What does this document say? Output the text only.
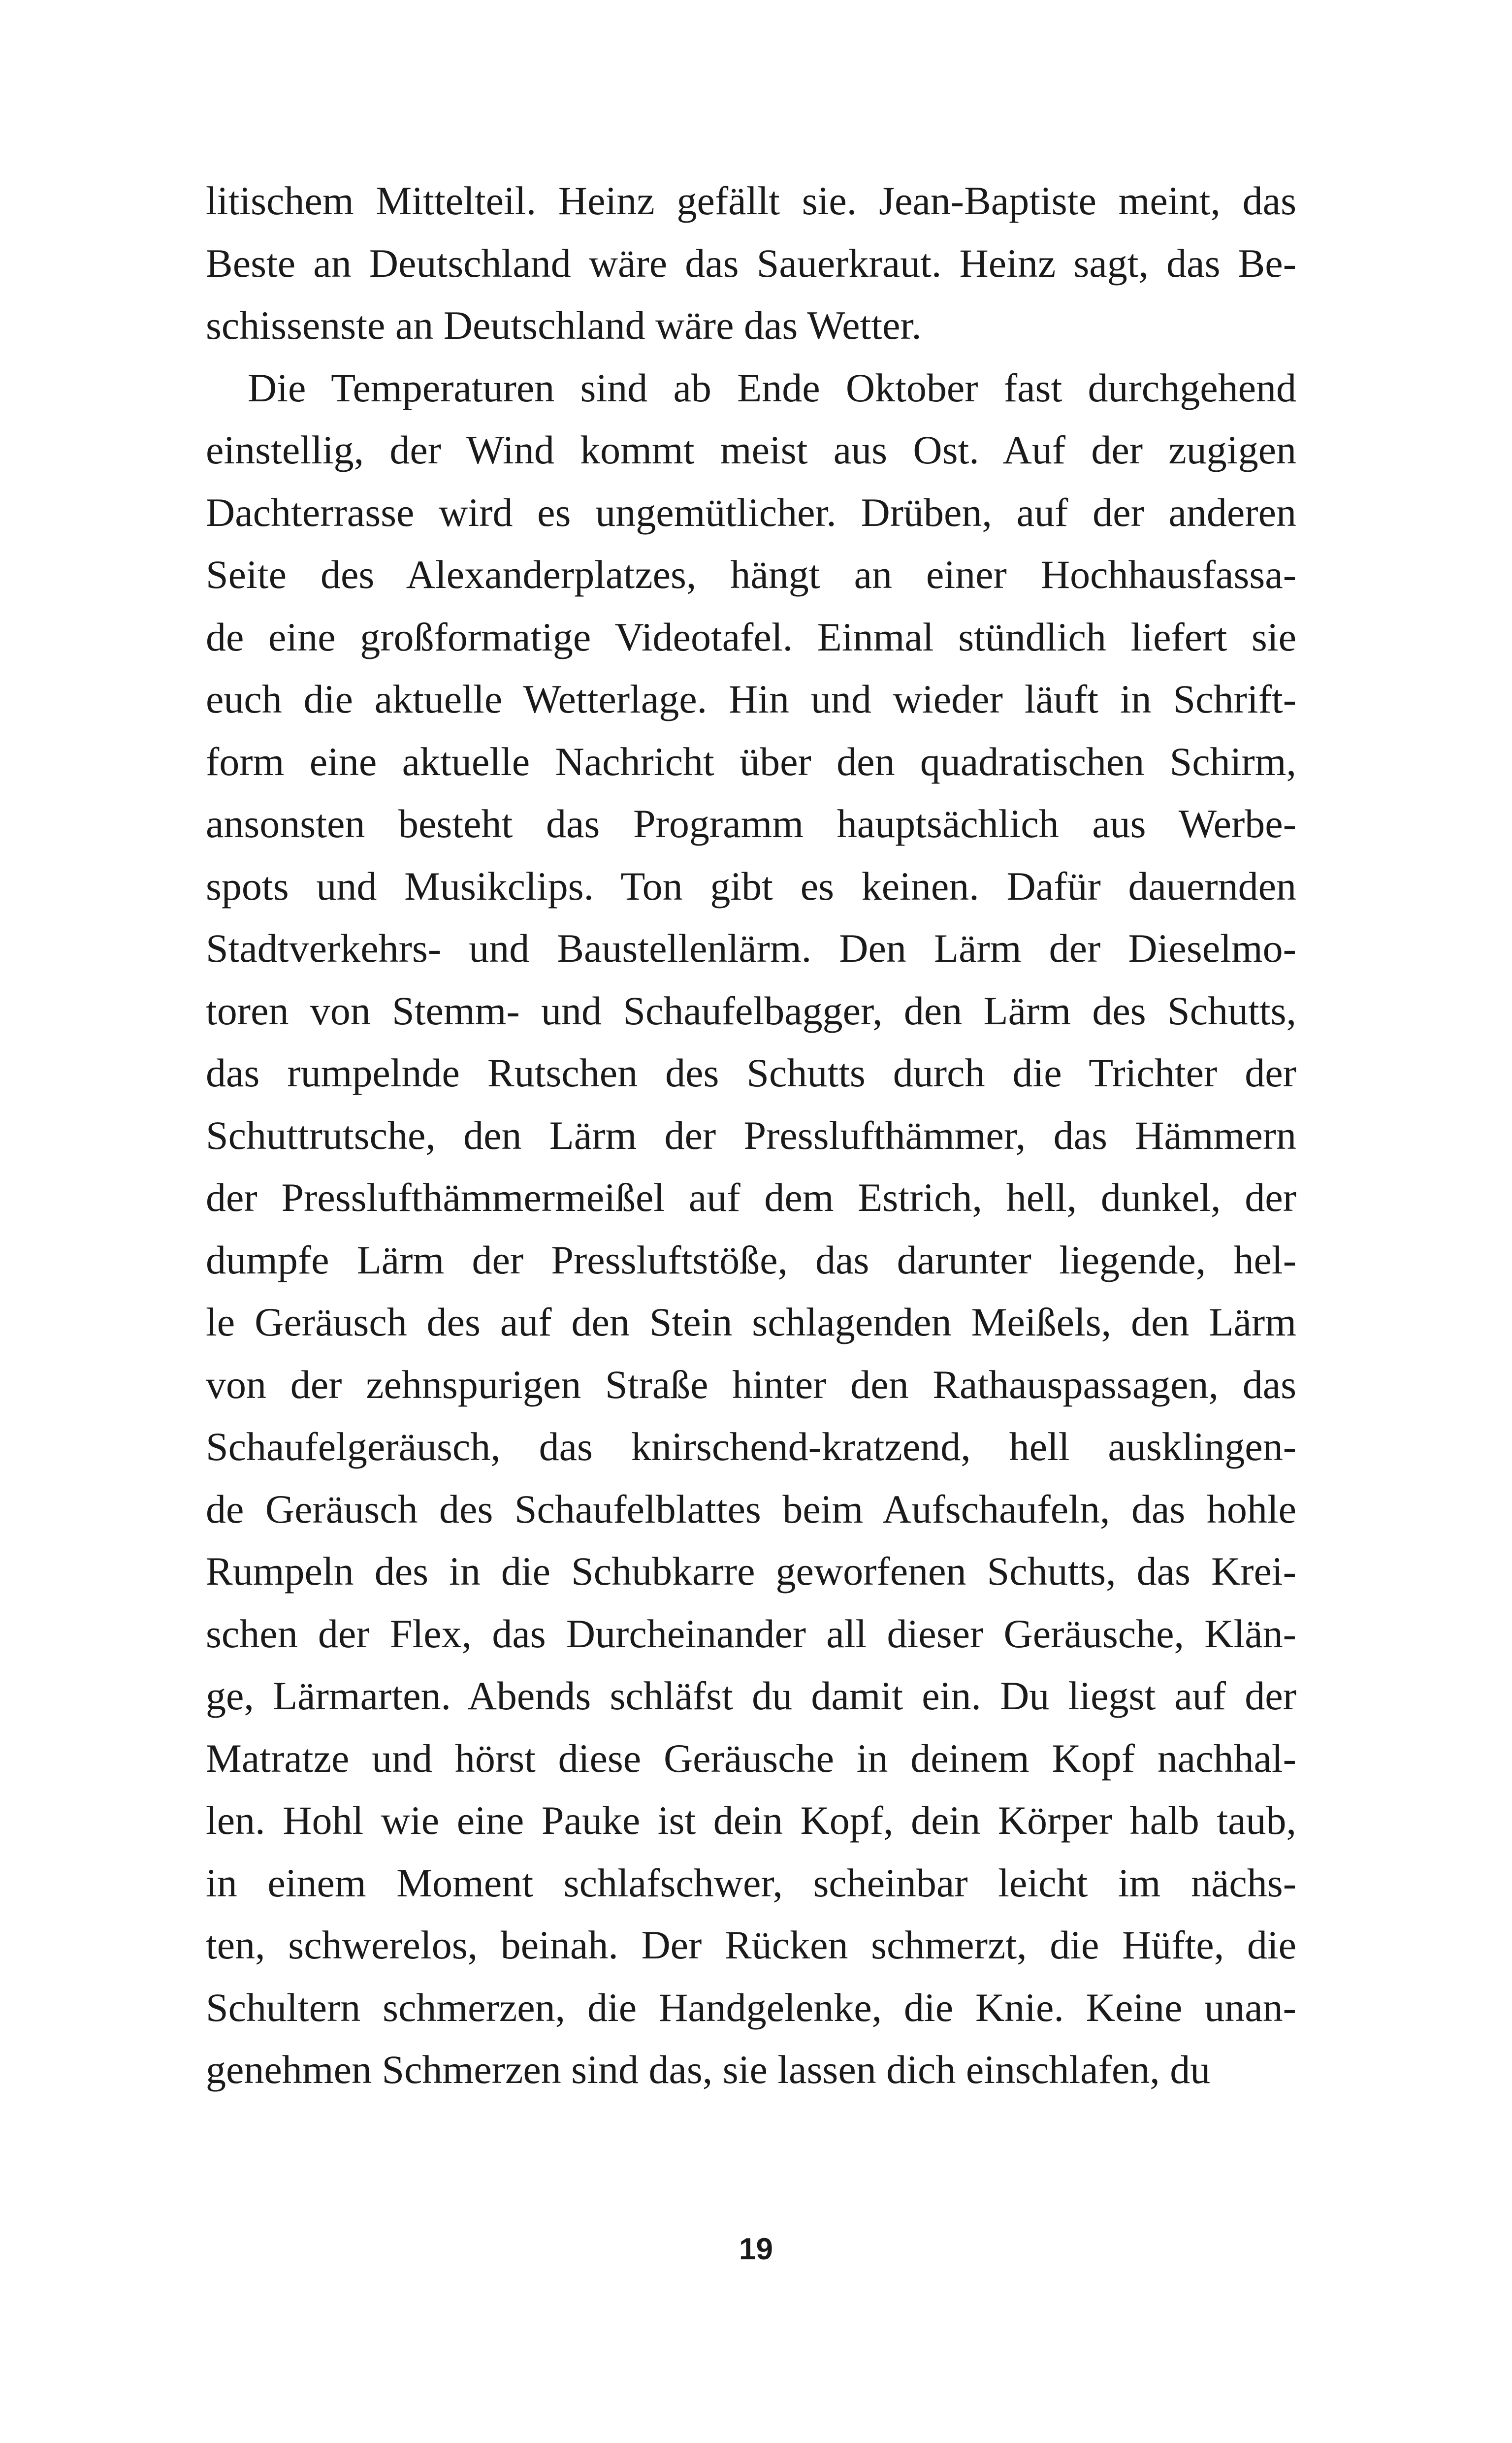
litischem Mittelteil. Heinz gefällt sie. Jean-Baptiste meint, das
Beste an Deutschland wäre das Sauerkraut. Heinz sagt, das Be-
schissenste an Deutschland wäre das Wetter.
Die Temperaturen sind ab Ende Oktober fast durchgehend
einstellig, der Wind kommt meist aus Ost. Auf der zugigen
Dachterrasse wird es ungemütlicher. Drüben, auf der anderen
Seite des Alexanderplatzes, hängt an einer Hochhausfassa-
de eine großformatige Videotafel. Einmal stündlich liefert sie
euch die aktuelle Wetterlage. Hin und wieder läuft in Schrift-
form eine aktuelle Nachricht über den quadratischen Schirm,
ansonsten besteht das Programm hauptsächlich aus Werbe-
spots und Musikclips. Ton gibt es keinen. Dafür dauernden
Stadtverkehrs- und Baustellenlärm. Den Lärm der Dieselmo-
toren von Stemm- und Schaufelbagger, den Lärm des Schutts,
das rumpelnde Rutschen des Schutts durch die Trichter der
Schuttrutsche, den Lärm der Presslufthämmer, das Hämmern
der Presslufthämmermeißel auf dem Estrich, hell, dunkel, der
dumpfe Lärm der Pressluftstöße, das darunter liegende, hel-
le Geräusch des auf den Stein schlagenden Meißels, den Lärm
von der zehnspurigen Straße hinter den Rathauspassagen, das
Schaufelgeräusch, das knirschend-kratzend, hell ausklingen-
de Geräusch des Schaufelblattes beim Aufschaufeln, das hohle
Rumpeln des in die Schubkarre geworfenen Schutts, das Krei-
schen der Flex, das Durcheinander all dieser Geräusche, Klän-
ge, Lärmarten. Abends schläfst du damit ein. Du liegst auf der
Matratze und hörst diese Geräusche in deinem Kopf nachhal-
len. Hohl wie eine Pauke ist dein Kopf, dein Körper halb taub,
in einem Moment schlafschwer, scheinbar leicht im nächs-
ten, schwerelos, beinah. Der Rücken schmerzt, die Hüfte, die
Schultern schmerzen, die Handgelenke, die Knie. Keine unan-
genehmen Schmerzen sind das, sie lassen dich einschlafen, du
19
